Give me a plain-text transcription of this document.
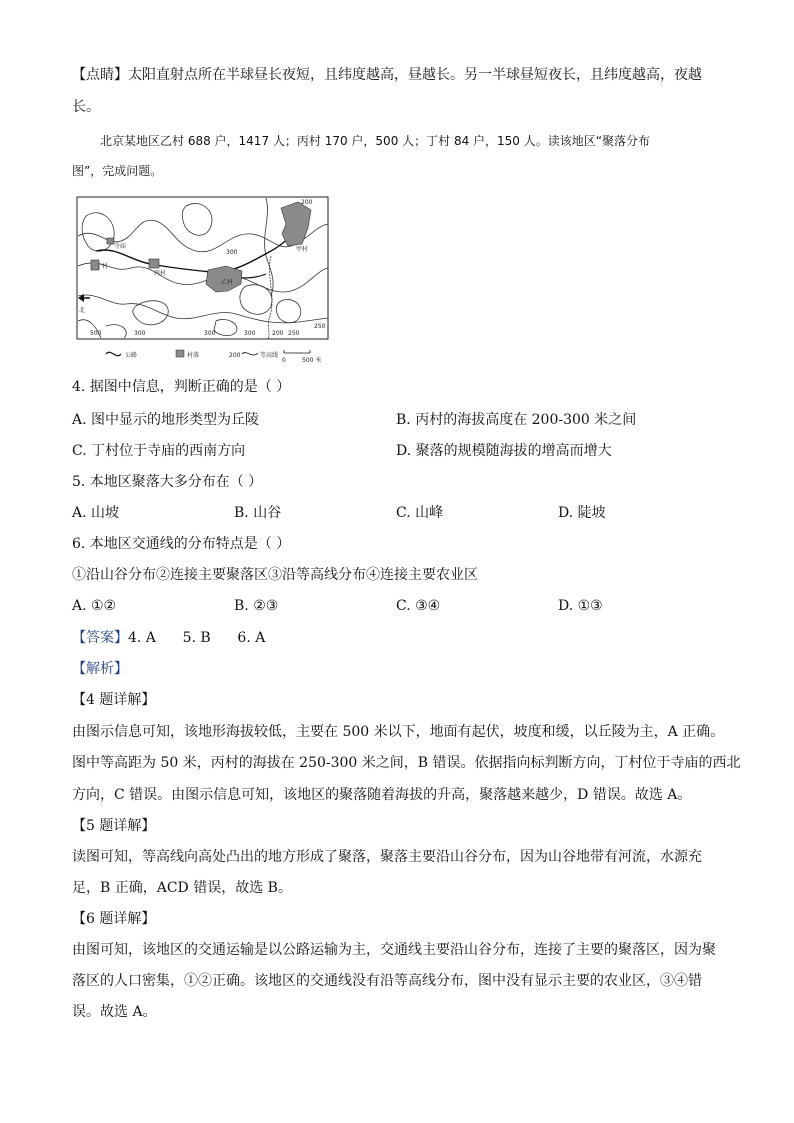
【点睛】太阳直射点所在半球昼长夜短，且纬度越高，昼越长。另一半球昼短夜长，且纬度越高，夜越
长。
北京某地区乙村 688 户，1417 人；丙村 170 户，500 人；丁村 84 户，150 人。读该地区“聚落分布
图”，完成问题。
甲村
乙村
丙村
丁村
寺庙
北
300
200
250
500	300	300	300	200 250
公路	村落	200	等高线
0	500 米
4. 据图中信息，判断正确的是（ ）
A. 图中显示的地形类型为丘陵	B. 丙村的海拔高度在 200-300 米之间
C. 丁村位于寺庙的西南方向	D. 聚落的规模随海拔的增高而增大
5. 本地区聚落大多分布在（ ）
A. 山坡	B. 山谷	C. 山峰	D. 陡坡
6. 本地区交通线的分布特点是（ ）
①沿山谷分布②连接主要聚落区③沿等高线分布④连接主要农业区
A. ①②	B. ②③	C. ③④	D. ①③
【答案】4. A      5. B      6. A
【解析】
【4 题详解】
由图示信息可知，该地形海拔较低，主要在 500 米以下，地面有起伏，坡度和缓，以丘陵为主，A 正确。
图中等高距为 50 米，丙村的海拔在 250-300 米之间，B 错误。依据指向标判断方向，丁村位于寺庙的西北
方向，C 错误。由图示信息可知，该地区的聚落随着海拔的升高，聚落越来越少，D 错误。故选 A。
【5 题详解】
读图可知，等高线向高处凸出的地方形成了聚落，聚落主要沿山谷分布，因为山谷地带有河流，水源充
足，B 正确，ACD 错误，故选 B。
【6 题详解】
由图可知，该地区的交通运输是以公路运输为主，交通线主要沿山谷分布，连接了主要的聚落区，因为聚
落区的人口密集，①②正确。该地区的交通线没有沿等高线分布，图中没有显示主要的农业区，③④错
误。故选 A。
